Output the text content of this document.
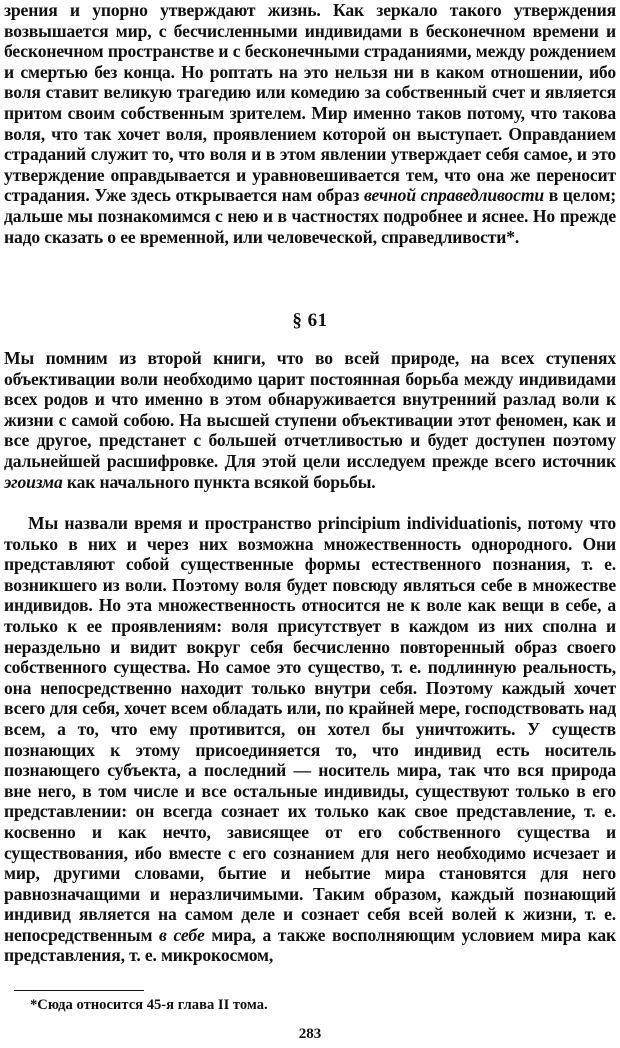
зрения и упорно утверждают жизнь. Как зеркало такого утверждения возвышается мир, с бесчисленными индивидами в бесконечном времени и бесконечном пространстве и с бесконечными страданиями, между рождением и смертью без конца. Но роптать на это нельзя ни в каком отношении, ибо воля ставит великую трагедию или комедию за собственный счет и является притом своим собственным зрителем. Мир именно таков потому, что такова воля, что так хочет воля, проявлением которой он выступает. Оправданием страданий служит то, что воля и в этом явлении утверждает себя самое, и это утверждение оправдывается и уравновешивается тем, что она же переносит страдания. Уже здесь открывается нам образ вечной справедливости в целом; дальше мы познакомимся с нею и в частностях подробнее и яснее. Но прежде надо сказать о ее временной, или человеческой, справедливости*.

§ 61

Мы помним из второй книги, что во всей природе, на всех ступенях объективации воли необходимо царит постоянная борьба между индивидами всех родов и что именно в этом обнаруживается внутренний разлад воли к жизни с самой собою. На высшей ступени объективации этот феномен, как и все другое, предстанет с большей отчетливостью и будет доступен поэтому дальнейшей расшифровке. Для этой цели исследуем прежде всего источник эгоизма как начального пункта всякой борьбы.

Мы назвали время и пространство principium individuationis, потому что только в них и через них возможна множественность однородного. Они представляют собой существенные формы естественного познания, т. е. возникшего из воли. Поэтому воля будет повсюду являться себе в множестве индивидов. Но эта множественность относится не к воле как вещи в себе, а только к ее проявлениям: воля присутствует в каждом из них сполна и нераздельно и видит вокруг себя бесчисленно повторенный образ своего собственного существа. Но самое это существо, т. е. подлинную реальность, она непосредственно находит только внутри себя. Поэтому каждый хочет всего для себя, хочет всем обладать или, по крайней мере, господствовать над всем, а то, что ему противится, он хотел бы уничтожить. У существ познающих к этому присоединяется то, что индивид есть носитель познающего субъекта, а последний — носитель мира, так что вся природа вне него, в том числе и все остальные индивиды, существуют только в его представлении: он всегда сознает их только как свое представление, т. е. косвенно и как нечто, зависящее от его собственного существа и существования, ибо вместе с его сознанием для него необходимо исчезает и мир, другими словами, бытие и небытие мира становятся для него равнозначащими и неразличимыми. Таким образом, каждый познающий индивид является на самом деле и сознает себя всей волей к жизни, т. е. непосредственным в себе мира, а также восполняющим условием мира как представления, т. е. микрокосмом,

*Сюда относится 45-я глава II тома.
283
